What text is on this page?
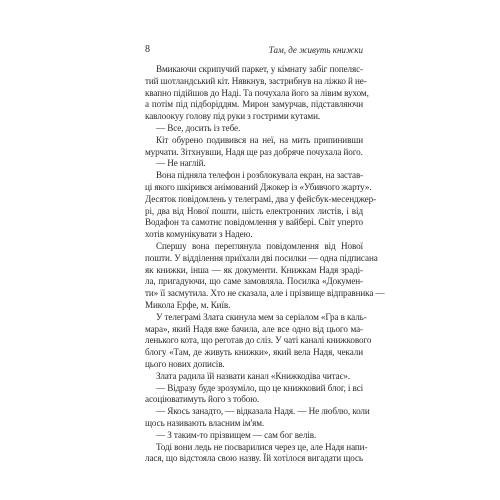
8	Там, де живуть книжки
Вмикаючи скрипучий паркет, у кімнату забіг попеляс-
тий шотландський кіт. Нявкнув, застрибнув на ліжко й не-
квапно підійшов до Наді. Та почухала його за лівим вухом,
а потім під підборіддям. Мирон замурчав, підставляючи
кавлоокуу голову під руки з гострими кутами.
— Все, досить із тебе.
Кіт обурено подивився на неї, на мить припинивши
мурчати. Зітхнувши, Надя ще раз добряче почухала його.
— Не наглій.
Вона підняла телефон і розблокувала екран, на застав-
ці якого шкірився анімований Джокер із «Убивчого жарту».
Десяток повідомлень у телеграмі, два у фейсбук-месенджер-
рі, два від Нової пошти, шість електронних листів, і від
Водафон та самотнє повідомлення у вайбері. Світ уперто
хотів комунікувати з Надею.
Спершу вона переглянула повідомлення від Нової
пошти. У відділення приїхали дві посилки — одна підписана
як книжки, інша — як документи. Книжкам Надя зраді-
ла, пригадуючи, що саме замовляла. Посилка «Докумен-
ти» її засмутила. Хто не сказала, але і прізвище відправника —
Микола Ерфе, м. Київ.
У телеграмі Злата скинула мем за серіалом «Гра в каль-
мара», який Надя вже бачила, але все одно від цього ма-
ленького кота, що реготав до сліз. У чаті каналі книжкового
блогу «Там, де живуть книжки», який вела Надя, чекали
цього нових дописів.
Злата радила їй назвати канал «Книжкодіва читає».
— Відразу буде зрозуміло, що це книжковий блог, і всі
асоціюватимуть його з тобою.
— Якось занадто, — відказала Надя. — Не люблю, коли
щось називають власним ім'ям.
— З таким-то прізвищем — сам бог велів.
Тоді вони ледь не посварилися через це, але Надя напи-
лася, що відстояла свою назву. Їй хотілося вигадати щось
